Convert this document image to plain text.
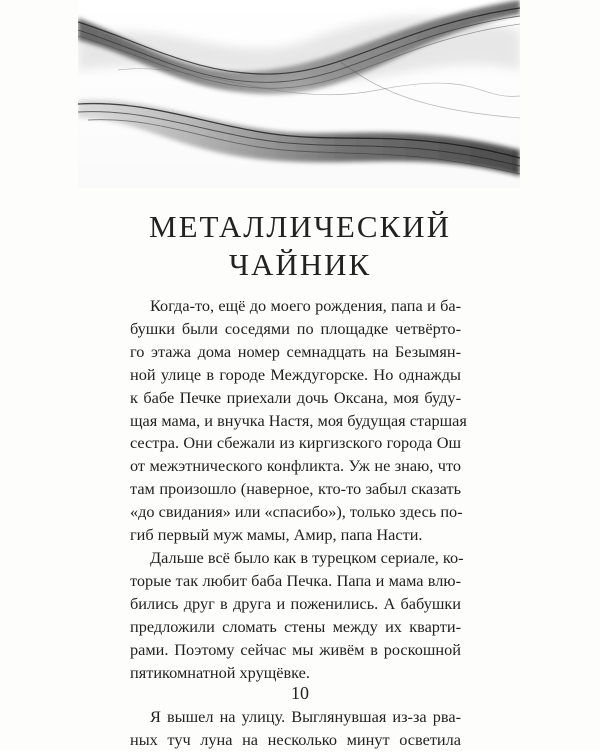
МЕТАЛЛИЧЕСКИЙ
ЧАЙНИК
Когда-то, ещё до моего рождения, папа и ба-
бушки были соседями по площадке четвёрто-
го этажа дома номер семнадцать на Безымян-
ной улице в городе Междугорске. Но однажды
к бабе Печке приехали дочь Оксана, моя буду-
щая мама, и внучка Настя, моя будущая старшая
сестра. Они сбежали из киргизского города Ош
от межэтнического конфликта. Уж не знаю, что
там произошло (наверное, кто-то забыл сказать
«до свидания» или «спасибо»), только здесь по-
гиб первый муж мамы, Амир, папа Насти.
Дальше всё было как в турецком сериале, ко-
торые так любит баба Печка. Папа и мама влю-
бились друг в друга и поженились. А бабушки
предложили сломать стены между их кварти-
рами. Поэтому сейчас мы живём в роскошной
пятикомнатной хрущёвке.
Я вышел на улицу. Выглянувшая из-за рва-
ных туч луна на несколько минут осветила
10
